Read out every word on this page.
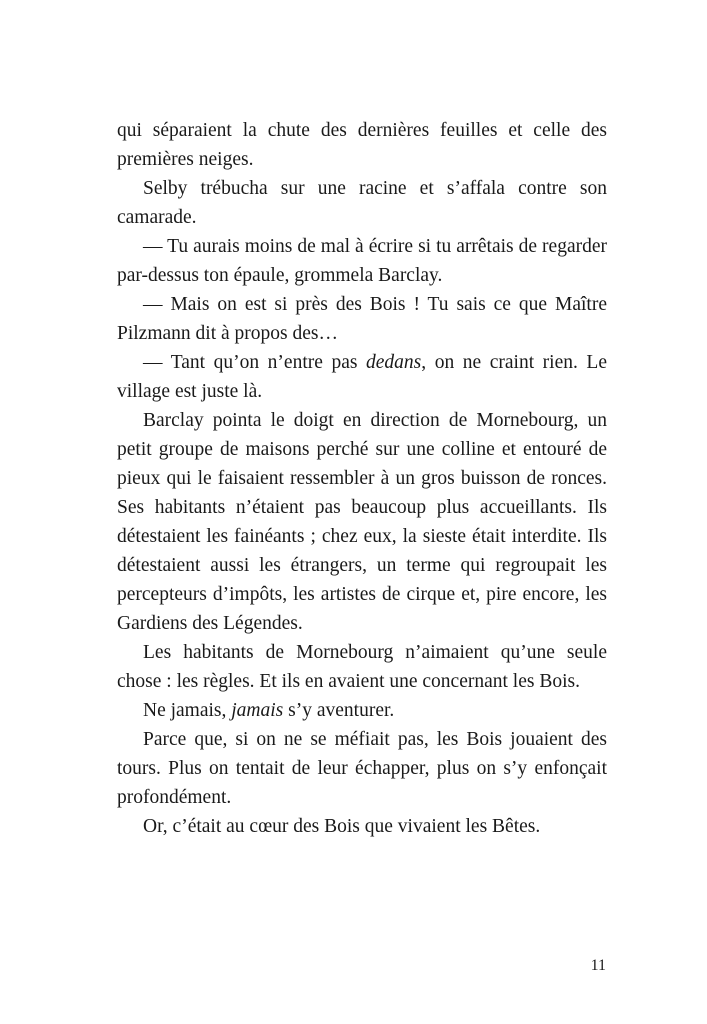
qui séparaient la chute des dernières feuilles et celle des premières neiges.

Selby trébucha sur une racine et s’affala contre son camarade.

— Tu aurais moins de mal à écrire si tu arrêtais de regarder par-dessus ton épaule, grommela Barclay.

— Mais on est si près des Bois ! Tu sais ce que Maître Pilzmann dit à propos des…

— Tant qu’on n’entre pas dedans, on ne craint rien. Le village est juste là.

Barclay pointa le doigt en direction de Mornebourg, un petit groupe de maisons perché sur une colline et entouré de pieux qui le faisaient ressembler à un gros buisson de ronces. Ses habitants n’étaient pas beaucoup plus accueillants. Ils détestaient les fainéants ; chez eux, la sieste était interdite. Ils détestaient aussi les étrangers, un terme qui regroupait les percepteurs d’impôts, les artistes de cirque et, pire encore, les Gardiens des Légendes.

Les habitants de Mornebourg n’aimaient qu’une seule chose : les règles. Et ils en avaient une concernant les Bois.

Ne jamais, jamais s’y aventurer.

Parce que, si on ne se méfiait pas, les Bois jouaient des tours. Plus on tentait de leur échapper, plus on s’y enfonçait profondément.

Or, c’était au cœur des Bois que vivaient les Bêtes.

11
